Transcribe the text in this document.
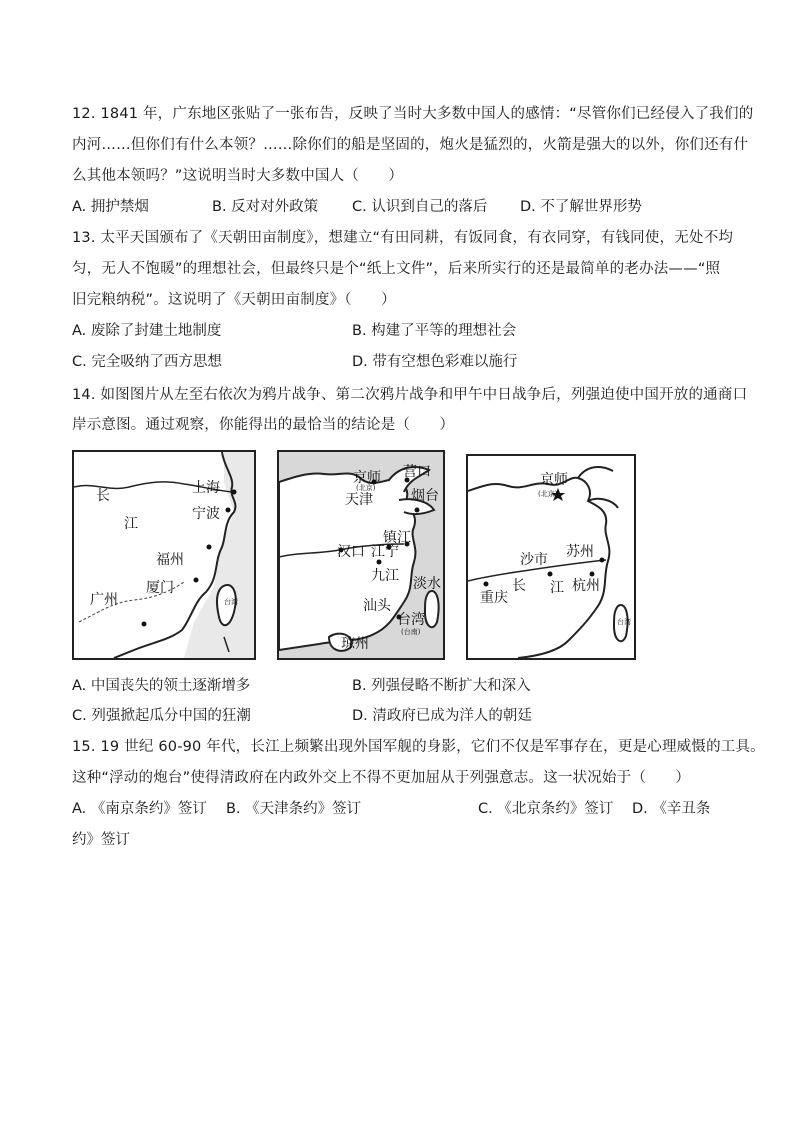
12. 1841 年，广东地区张贴了一张布告，反映了当时大多数中国人的感情：“尽管你们已经侵入了我们的
内河……但你们有什么本领？……除你们的船是坚固的，炮火是猛烈的，火箭是强大的以外，你们还有什
么其他本领吗？”这说明当时大多数中国人（　　）
A. 拥护禁烟	B. 反对对外政策 C. 认识到自己的落后 D. 不了解世界形势
13. 太平天国颁布了《天朝田亩制度》，想建立“有田同耕，有饭同食，有衣同穿，有钱同使，无处不均
匀，无人不饱暖”的理想社会，但最终只是个“纸上文件”，后来所实行的还是最简单的老办法——“照
旧完粮纳税”。这说明了《天朝田亩制度》（　　）
A. 废除了封建土地制度	B. 构建了平等的理想社会
C. 完全吸纳了西方思想	D. 带有空想色彩难以施行
14. 如图图片从左至右依次为鸦片战争、第二次鸦片战争和甲午中日战争后，列强迫使中国开放的通商口
岸示意图。通过观察，你能得出的最恰当的结论是（　　）
长
江
上海
宁波
福州
厦门
广州	台湾
京师 营口
天津	烟台
镇江
汉口 江宁
九江 淡水
汕头
台湾
琼州
(台南)
(北京)	京师
(北京)
苏州
沙市
长 江 杭州
重庆
台湾
A. 中国丧失的领土逐渐增多	B. 列强侵略不断扩大和深入
C. 列强掀起瓜分中国的狂潮	D. 清政府已成为洋人的朝廷
15. 19 世纪 60-90 年代，长江上频繁出现外国军舰的身影，它们不仅是军事存在，更是心理威慑的工具。
这种“浮动的炮台”使得清政府在内政外交上不得不更加屈从于列强意志。这一状况始于（　　）
A. 《南京条约》签订 B. 《天津条约》签订	C. 《北京条约》签订 D. 《辛丑条
约》签订
